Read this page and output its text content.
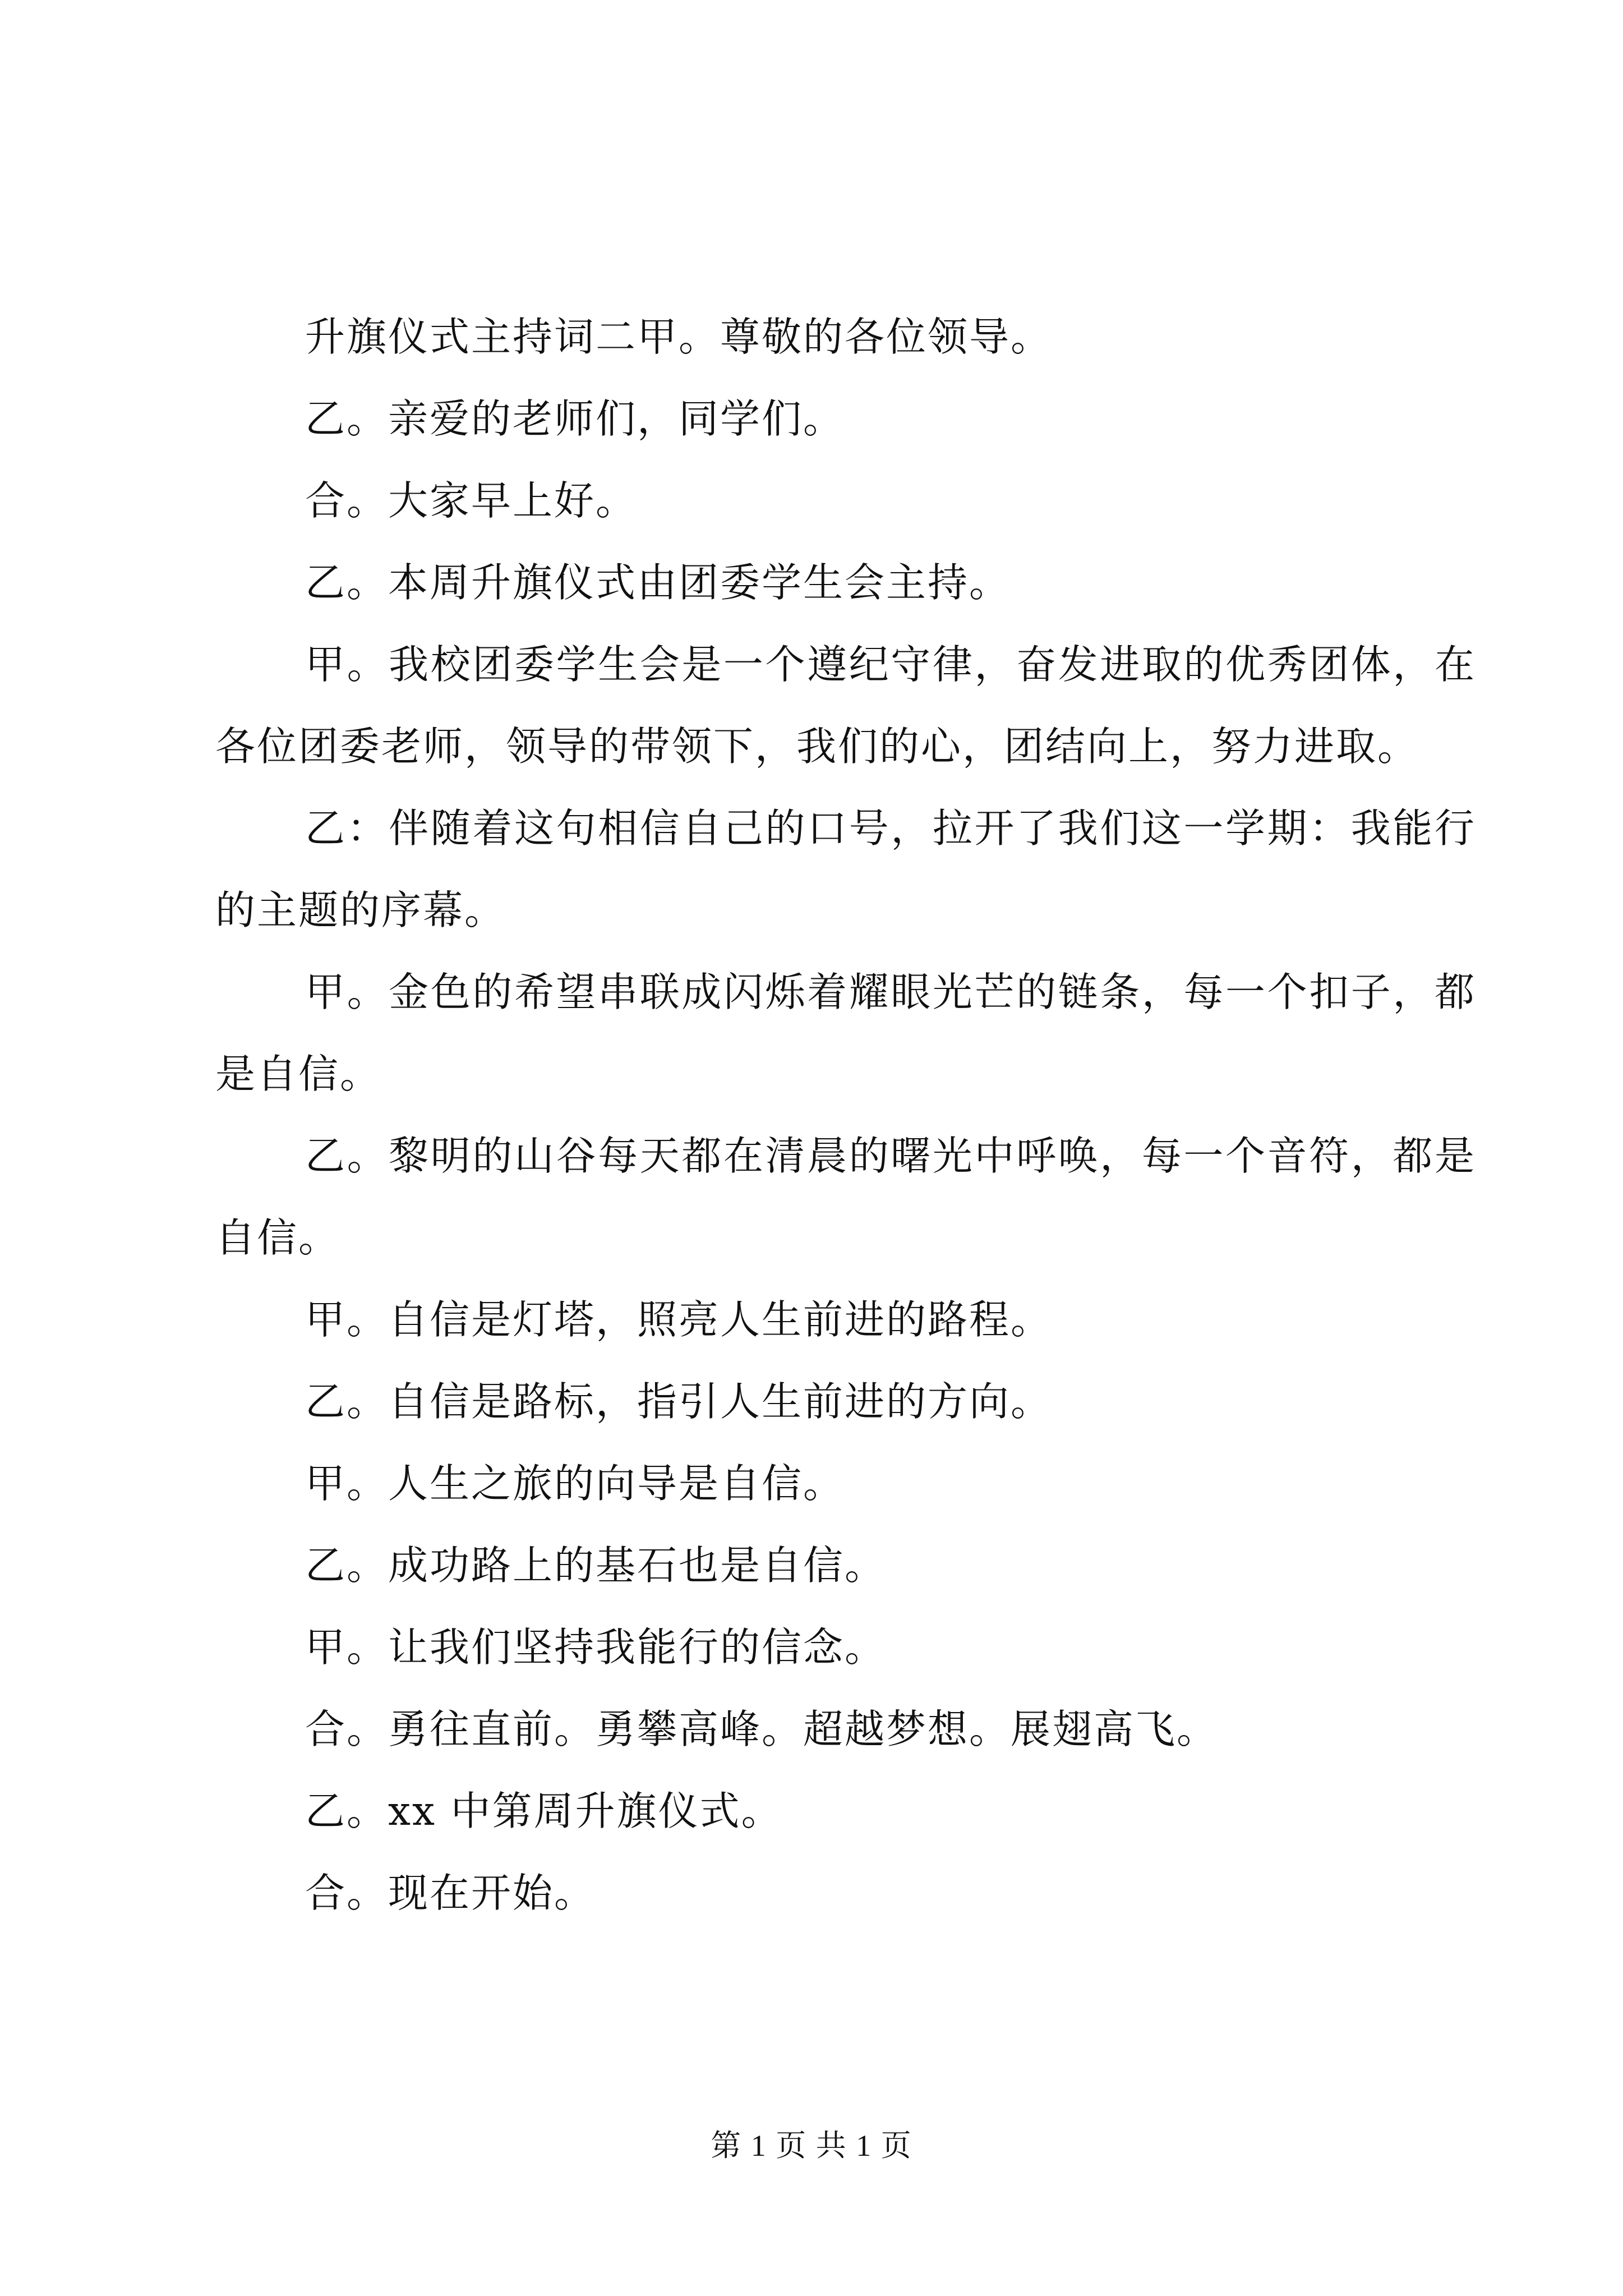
升旗仪式主持词二甲。尊敬的各位领导。

乙。亲爱的老师们，同学们。

合。大家早上好。

乙。本周升旗仪式由团委学生会主持。

甲。我校团委学生会是一个遵纪守律，奋发进取的优秀团体，在各位团委老师，领导的带领下，我们的心，团结向上，努力进取。

乙：伴随着这句相信自己的口号，拉开了我们这一学期：我能行的主题的序幕。

甲。金色的希望串联成闪烁着耀眼光芒的链条，每一个扣子，都是自信。

乙。黎明的山谷每天都在清晨的曙光中呼唤，每一个音符，都是自信。

甲。自信是灯塔，照亮人生前进的路程。

乙。自信是路标，指引人生前进的方向。

甲。人生之旅的向导是自信。

乙。成功路上的基石也是自信。

甲。让我们坚持我能行的信念。

合。勇往直前。勇攀高峰。超越梦想。展翅高飞。

乙。xx 中第周升旗仪式。

合。现在开始。

第 1 页 共 1 页
